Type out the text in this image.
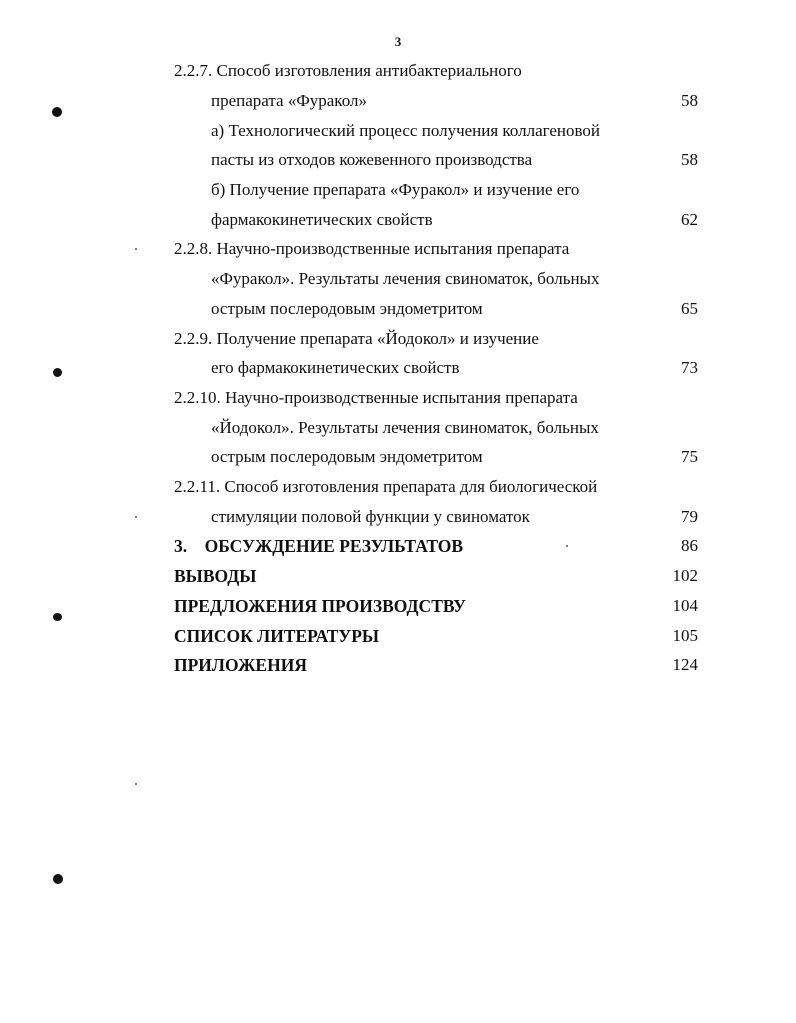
3
2.2.7. Способ изготовления антибактериального
препарата «Фуракол»	58
а) Технологический процесс получения коллагеновой
пасты из отходов кожевенного производства	58
б) Получение препарата «Фуракол» и изучение его
фармакокинетических свойств	62
2.2.8. Научно-производственные испытания препарата
«Фуракол». Результаты лечения свиноматок, больных
острым послеродовым эндометритом	65
2.2.9. Получение препарата «Йодокол» и изучение
его фармакокинетических свойств	73
2.2.10. Научно-производственные испытания препарата
«Йодокол». Результаты лечения свиноматок, больных
острым послеродовым эндометритом	75
2.2.11. Способ изготовления препарата для биологической
стимуляции половой функции у свиноматок	79
3.    ОБСУЖДЕНИЕ РЕЗУЛЬТАТОВ	86
ВЫВОДЫ	102
ПРЕДЛОЖЕНИЯ ПРОИЗВОДСТВУ	104
СПИСОК ЛИТЕРАТУРЫ	105
ПРИЛОЖЕНИЯ	124
